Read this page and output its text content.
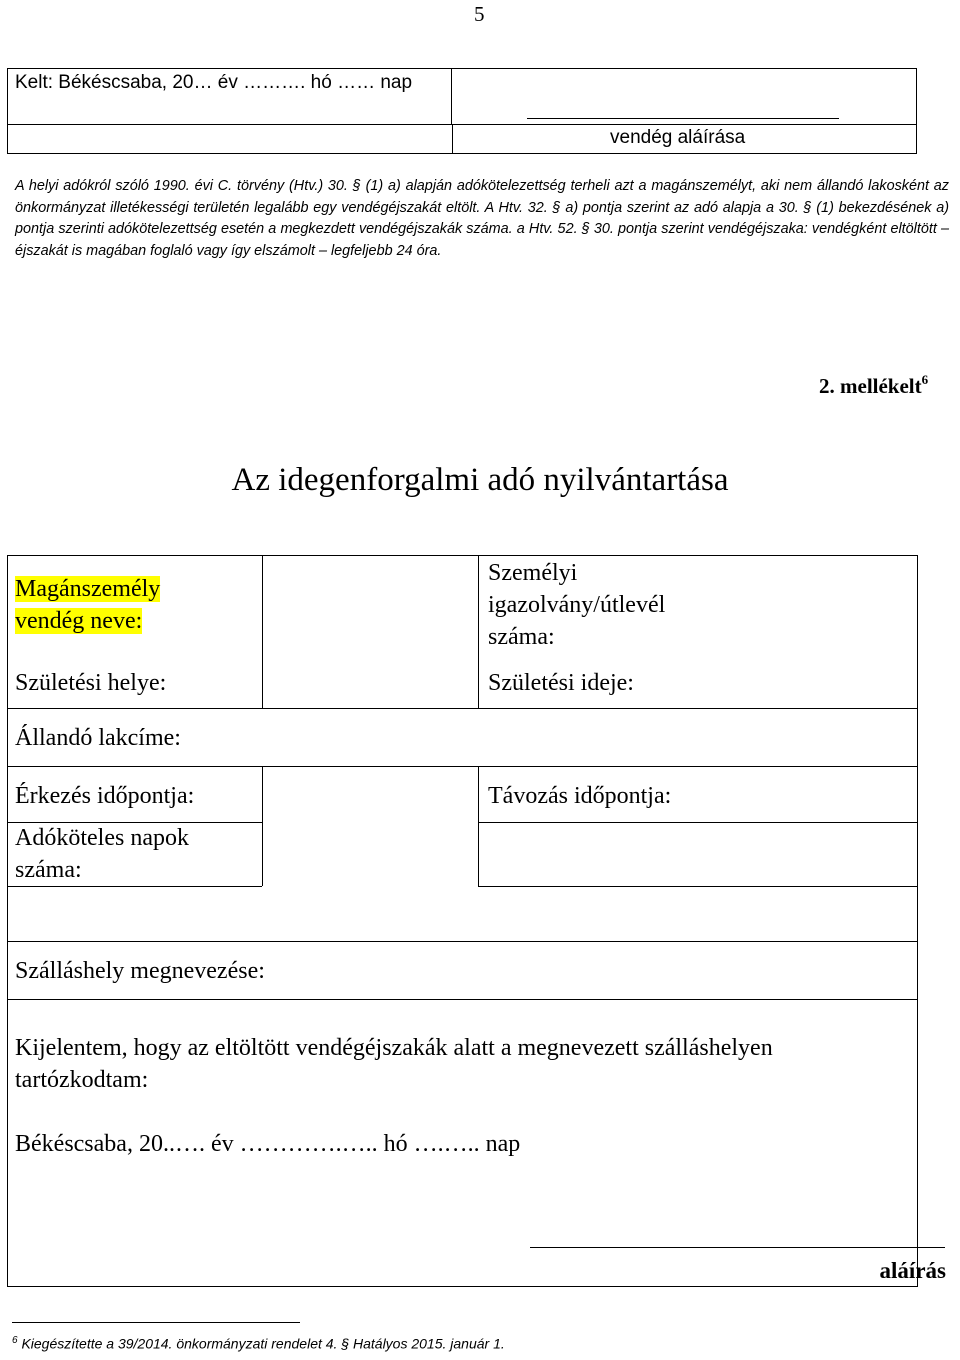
5
Kelt: Békéscsaba, 20… év ………. hó …… nap
vendég aláírása
A helyi adókról szóló 1990. évi C. törvény (Htv.) 30. § (1) a) alapján adókötelezettség terheli azt a magánszemélyt, aki nem állandó lakosként az önkormányzat illetékességi területén legalább egy vendégéjszakát eltölt. A Htv. 32. § a) pontja szerint az adó alapja a 30. § (1) bekezdésének a) pontja szerinti adókötelezettség esetén a megkezdett vendégéjszakák száma. a Htv. 52. § 30. pontja szerint vendégéjszaka: vendégként eltöltött – éjszakát is magában foglaló vagy így elszámolt – legfeljebb 24 óra.
2. mellékelt$^6$
Az idegenforgalmi adó nyilvántartása
Magánszemély
vendég neve:
Személyi
igazolvány/útlevél
száma:
Születési helye:	Születési ideje:
Állandó lakcíme:
Érkezés időpontja:	Távozás időpontja:
Adóköteles napok
száma:
Szálláshely megnevezése:
Kijelentem, hogy az eltöltött vendégéjszakák alatt a megnevezett szálláshelyen
tartózkodtam:
Békéscsaba, 20..…. év ………….….. hó ….….. nap
aláírás
$^6$ Kiegészítette a 39/2014. önkormányzati rendelet 4. § Hatályos 2015. január 1.
